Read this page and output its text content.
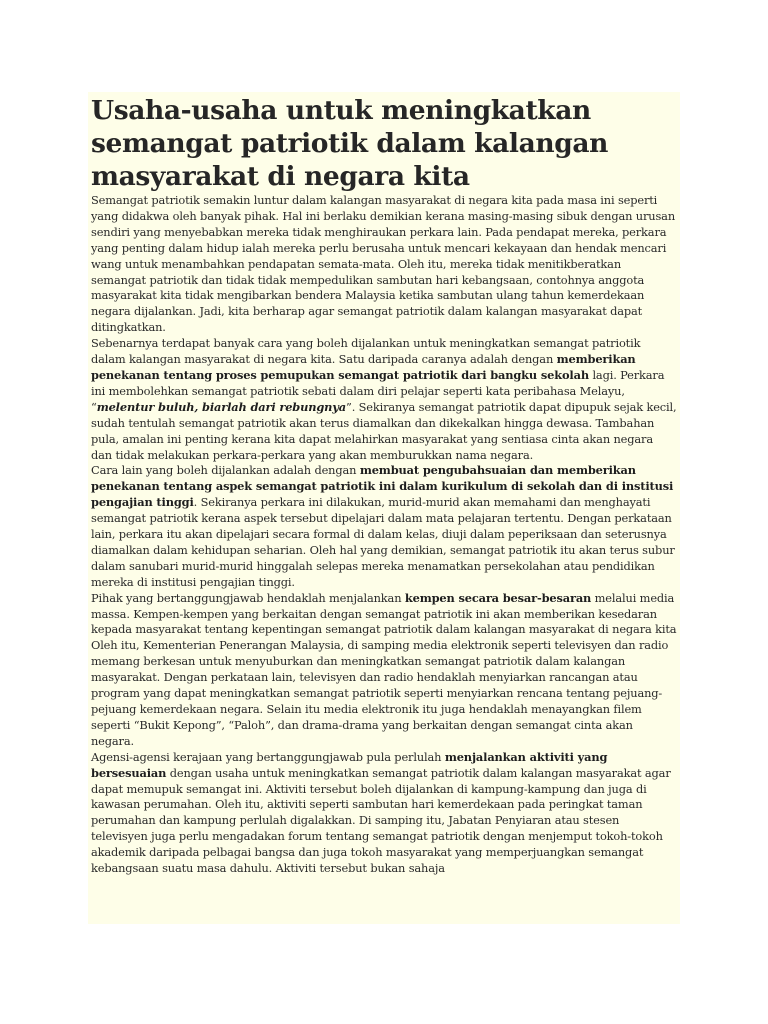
Usaha-usaha untuk meningkatkan semangat patriotik dalam kalangan masyarakat di negara kita

Semangat patriotik semakin luntur dalam kalangan masyarakat di negara kita pada masa ini seperti yang didakwa oleh banyak pihak. Hal ini berlaku demikian kerana masing-masing sibuk dengan urusan sendiri yang menyebabkan mereka tidak menghiraukan perkara lain. Pada pendapat mereka, perkara yang penting dalam hidup ialah mereka perlu berusaha untuk mencari kekayaan dan hendak mencari wang untuk menambahkan pendapatan semata-mata. Oleh itu, mereka tidak menitikberatkan semangat patriotik dan tidak tidak mempedulikan sambutan hari kebangsaan, contohnya anggota masyarakat kita tidak mengibarkan bendera Malaysia ketika sambutan ulang tahun kemerdekaan negara dijalankan. Jadi, kita berharap agar semangat patriotik dalam kalangan masyarakat dapat ditingkatkan.

Sebenarnya terdapat banyak cara yang boleh dijalankan untuk meningkatkan semangat patriotik dalam kalangan masyarakat di negara kita. Satu daripada caranya adalah dengan memberikan penekanan tentang proses pemupukan semangat patriotik dari bangku sekolah lagi. Perkara ini membolehkan semangat patriotik sebati dalam diri pelajar seperti kata peribahasa Melayu, “melentur buluh, biarlah dari rebungnya”. Sekiranya semangat patriotik dapat dipupuk sejak kecil, sudah tentulah semangat patriotik akan terus diamalkan dan dikekalkan hingga dewasa. Tambahan pula, amalan ini penting kerana kita dapat melahirkan masyarakat yang sentiasa cinta akan negara dan tidak melakukan perkara-perkara yang akan memburukkan nama negara.

Cara lain yang boleh dijalankan adalah dengan membuat pengubahsuaian dan memberikan penekanan tentang aspek semangat patriotik ini dalam kurikulum di sekolah dan di institusi pengajian tinggi. Sekiranya perkara ini dilakukan, murid-murid akan memahami dan menghayati semangat patriotik kerana aspek tersebut dipelajari dalam mata pelajaran tertentu. Dengan perkataan lain, perkara itu akan dipelajari secara formal di dalam kelas, diuji dalam peperiksaan dan seterusnya diamalkan dalam kehidupan seharian. Oleh hal yang demikian, semangat patriotik itu akan terus subur dalam sanubari murid-murid hinggalah selepas mereka menamatkan persekolahan atau pendidikan mereka di institusi pengajian tinggi.

Pihak yang bertanggungjawab hendaklah menjalankan kempen secara besar-besaran melalui media massa. Kempen-kempen yang berkaitan dengan semangat patriotik ini akan memberikan kesedaran kepada masyarakat tentang kepentingan semangat patriotik dalam kalangan masyarakat di negara kita Oleh itu, Kementerian Penerangan Malaysia, di samping media elektronik seperti televisyen dan radio memang berkesan untuk menyuburkan dan meningkatkan semangat patriotik dalam kalangan masyarakat. Dengan perkataan lain, televisyen dan radio hendaklah menyiarkan rancangan atau program yang dapat meningkatkan semangat patriotik seperti menyiarkan rencana tentang pejuang-pejuang kemerdekaan negara. Selain itu media elektronik itu juga hendaklah menayangkan filem seperti “Bukit Kepong”, “Paloh”, dan drama-drama yang berkaitan dengan semangat cinta akan negara.

Agensi-agensi kerajaan yang bertanggungjawab pula perlulah menjalankan aktiviti yang bersesuaian dengan usaha untuk meningkatkan semangat patriotik dalam kalangan masyarakat agar dapat memupuk semangat ini. Aktiviti tersebut boleh dijalankan di kampung-kampung dan juga di kawasan perumahan. Oleh itu, aktiviti seperti sambutan hari kemerdekaan pada peringkat taman perumahan dan kampung perlulah digalakkan. Di samping itu, Jabatan Penyiaran atau stesen televisyen juga perlu mengadakan forum tentang semangat patriotik dengan menjemput tokoh-tokoh akademik daripada pelbagai bangsa dan juga tokoh masyarakat yang memperjuangkan semangat kebangsaan suatu masa dahulu. Aktiviti tersebut bukan sahaja
